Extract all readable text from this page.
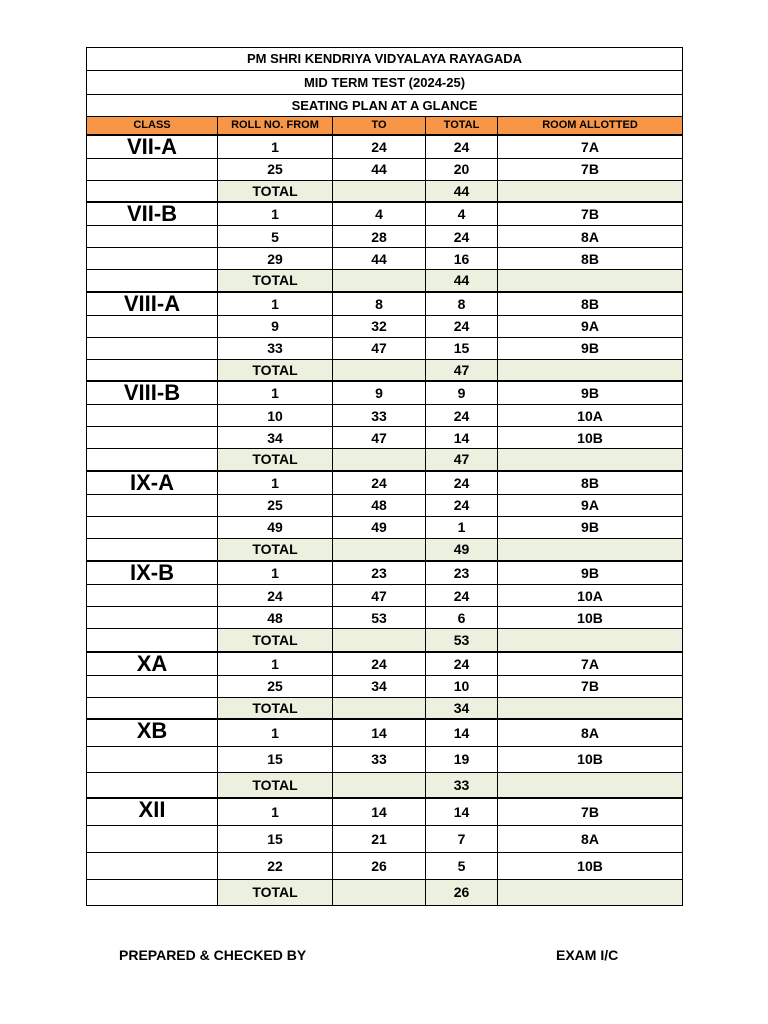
PM SHRI KENDRIYA VIDYALAYA RAYAGADA				
MID TERM TEST (2024-25)				
SEATING PLAN AT A GLANCE				
CLASS	ROLL NO. FROM	TO	TOTAL	ROOM ALLOTTED
VII-A	1	24	24	7A
	25	44	20	7B
	TOTAL		44	
VII-B	1	4	4	7B
	5	28	24	8A
	29	44	16	8B
	TOTAL		44	
VIII-A	1	8	8	8B
	9	32	24	9A
	33	47	15	9B
	TOTAL		47	
VIII-B	1	9	9	9B
	10	33	24	10A
	34	47	14	10B
	TOTAL		47	
IX-A	1	24	24	8B
	25	48	24	9A
	49	49	1	9B
	TOTAL		49	
IX-B	1	23	23	9B
	24	47	24	10A
	48	53	6	10B
	TOTAL		53	
XA	1	24	24	7A
	25	34	10	7B
	TOTAL		34	
XB	1	14	14	8A
	15	33	19	10B
	TOTAL		33	
XII	1	14	14	7B
	15	21	7	8A
	22	26	5	10B
	TOTAL		26	
PREPARED & CHECKED BY	EXAM I/C
